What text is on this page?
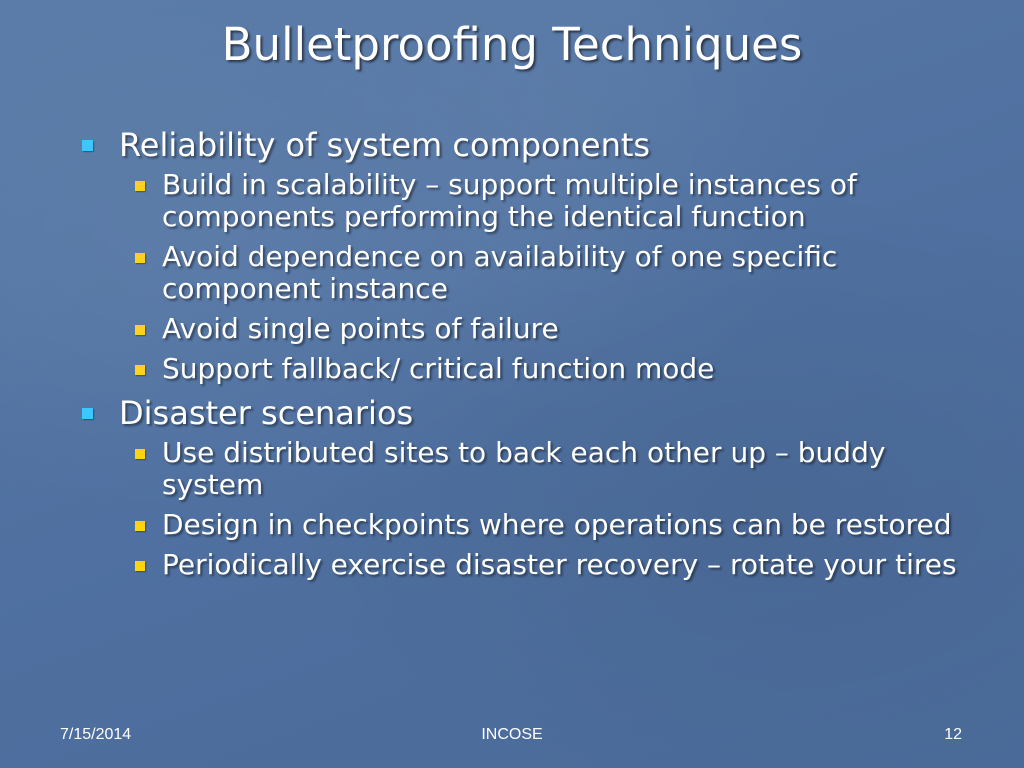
Bulletproofing Techniques
Reliability of system components
Build in scalability – support multiple instances of components performing the identical function
Avoid dependence on availability of one specific component instance
Avoid single points of failure
Support fallback/ critical function mode
Disaster scenarios
Use distributed sites to back each other up – buddy system
Design in checkpoints where operations can be restored
Periodically exercise disaster recovery – rotate your tires
7/15/2014	INCOSE	12
